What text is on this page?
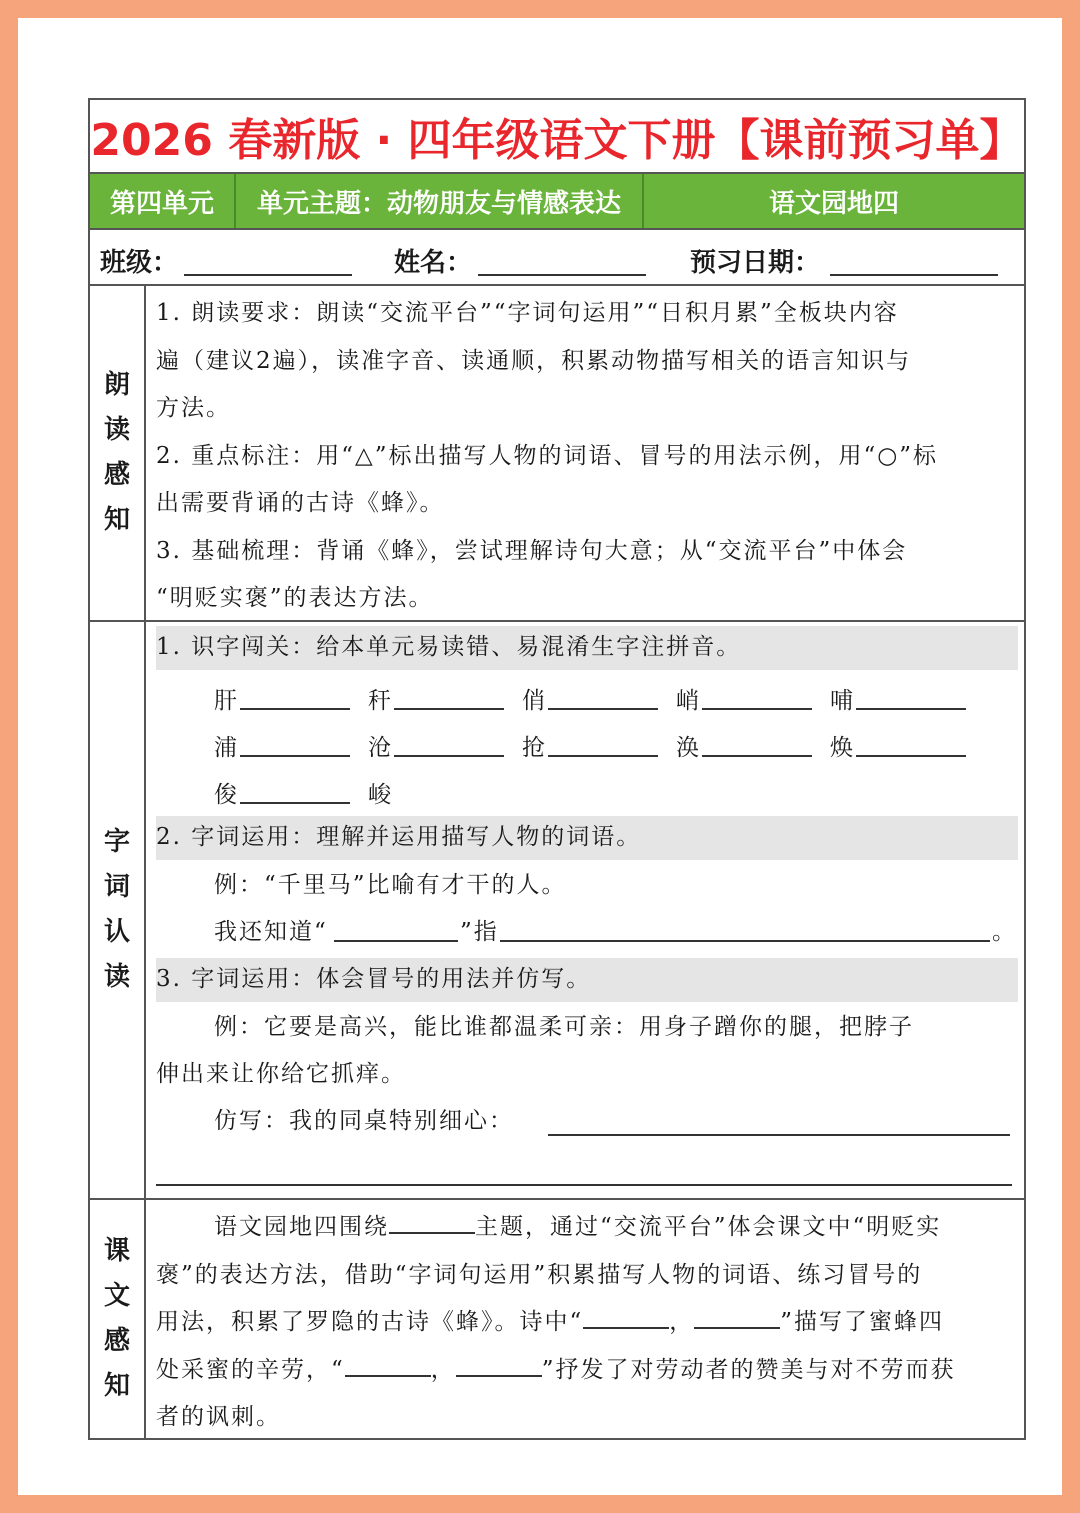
2026 春新版 · 四年级语文下册【课前预习单】
第四单元	单元主题：动物朋友与情感表达	语文园地四
班级：	姓名：	预习日期：
朗
读
感
知
1. 朗读要求：朗读“交流平台”“字词句运用”“日积月累”全板块内容
遍（建议2遍），读准字音、读通顺，积累动物描写相关的语言知识与
方法。
2. 重点标注：用“△”标出描写人物的词语、冒号的用法示例，用“○”标
出需要背诵的古诗《蜂》。
3. 基础梳理：背诵《蜂》，尝试理解诗句大意；从“交流平台”中体会
“明贬实褒”的表达方法。
字
词
认
读
1. 识字闯关：给本单元易读错、易混淆生字注拼音。
肝	秆	俏	峭	哺
浦	沧	抢	涣	焕
俊	峻
2. 字词运用：理解并运用描写人物的词语。
例：“千里马”比喻有才干的人。
我还知道“	”指	。
3. 字词运用：体会冒号的用法并仿写。
例：它要是高兴，能比谁都温柔可亲：用身子蹭你的腿，把脖子
伸出来让你给它抓痒。
仿写：我的同桌特别细心：
课
文
感
知
语文园地四围绕	主题，通过“交流平台”体会课文中“明贬实
褒”的表达方法，借助“字词句运用”积累描写人物的词语、练习冒号的
用法，积累了罗隐的古诗《蜂》。诗中“	，	”描写了蜜蜂四
处采蜜的辛劳，“	，	”抒发了对劳动者的赞美与对不劳而获
者的讽刺。
